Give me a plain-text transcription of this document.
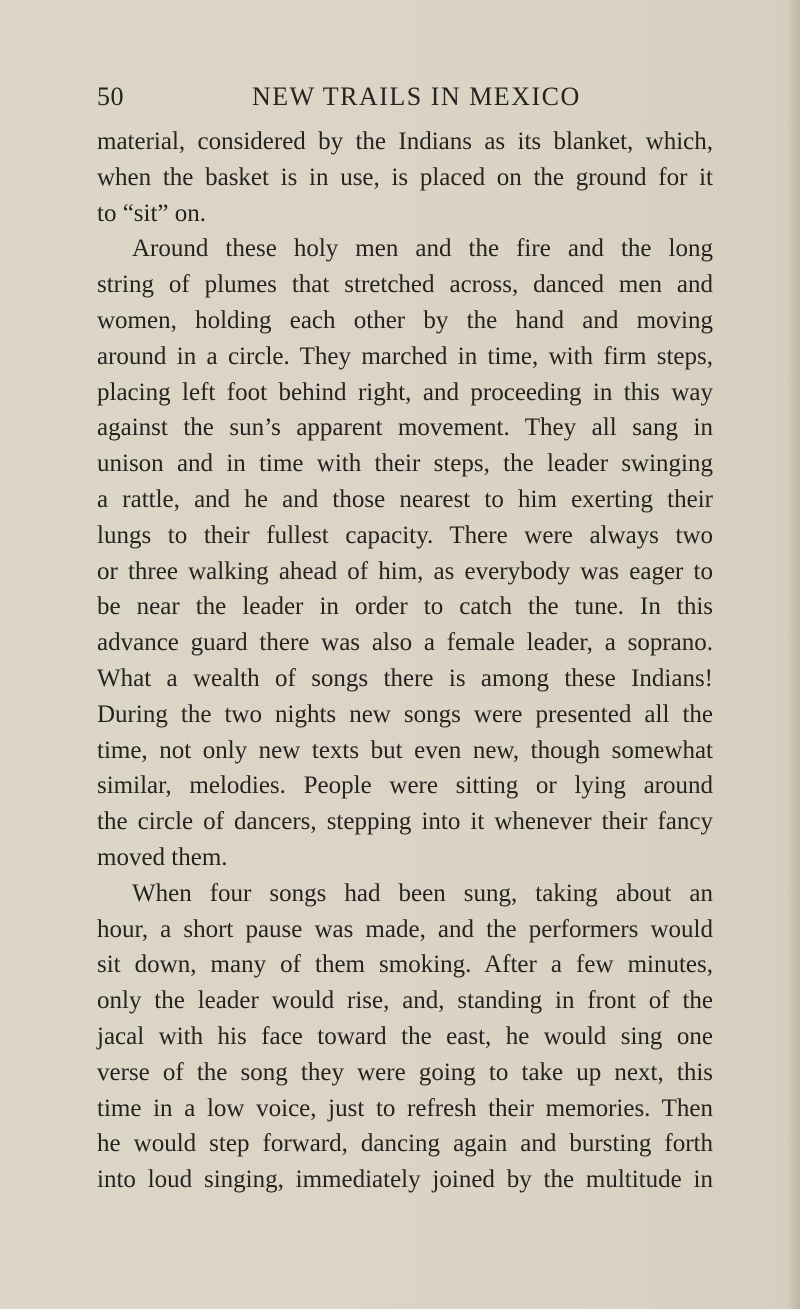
50	NEW TRAILS IN MEXICO
material, considered by the Indians as its blanket, which,
when the basket is in use, is placed on the ground for it
to “sit” on.
Around these holy men and the fire and the long
string of plumes that stretched across, danced men and
women, holding each other by the hand and moving
around in a circle. They marched in time, with firm steps,
placing left foot behind right, and proceeding in this way
against the sun’s apparent movement. They all sang in
unison and in time with their steps, the leader swinging
a rattle, and he and those nearest to him exerting their
lungs to their fullest capacity. There were always two
or three walking ahead of him, as everybody was eager to
be near the leader in order to catch the tune. In this
advance guard there was also a female leader, a soprano.
What a wealth of songs there is among these Indians!
During the two nights new songs were presented all the
time, not only new texts but even new, though somewhat
similar, melodies. People were sitting or lying around
the circle of dancers, stepping into it whenever their fancy
moved them.
When four songs had been sung, taking about an
hour, a short pause was made, and the performers would
sit down, many of them smoking. After a few minutes,
only the leader would rise, and, standing in front of the
jacal with his face toward the east, he would sing one
verse of the song they were going to take up next, this
time in a low voice, just to refresh their memories. Then
he would step forward, dancing again and bursting forth
into loud singing, immediately joined by the multitude in
